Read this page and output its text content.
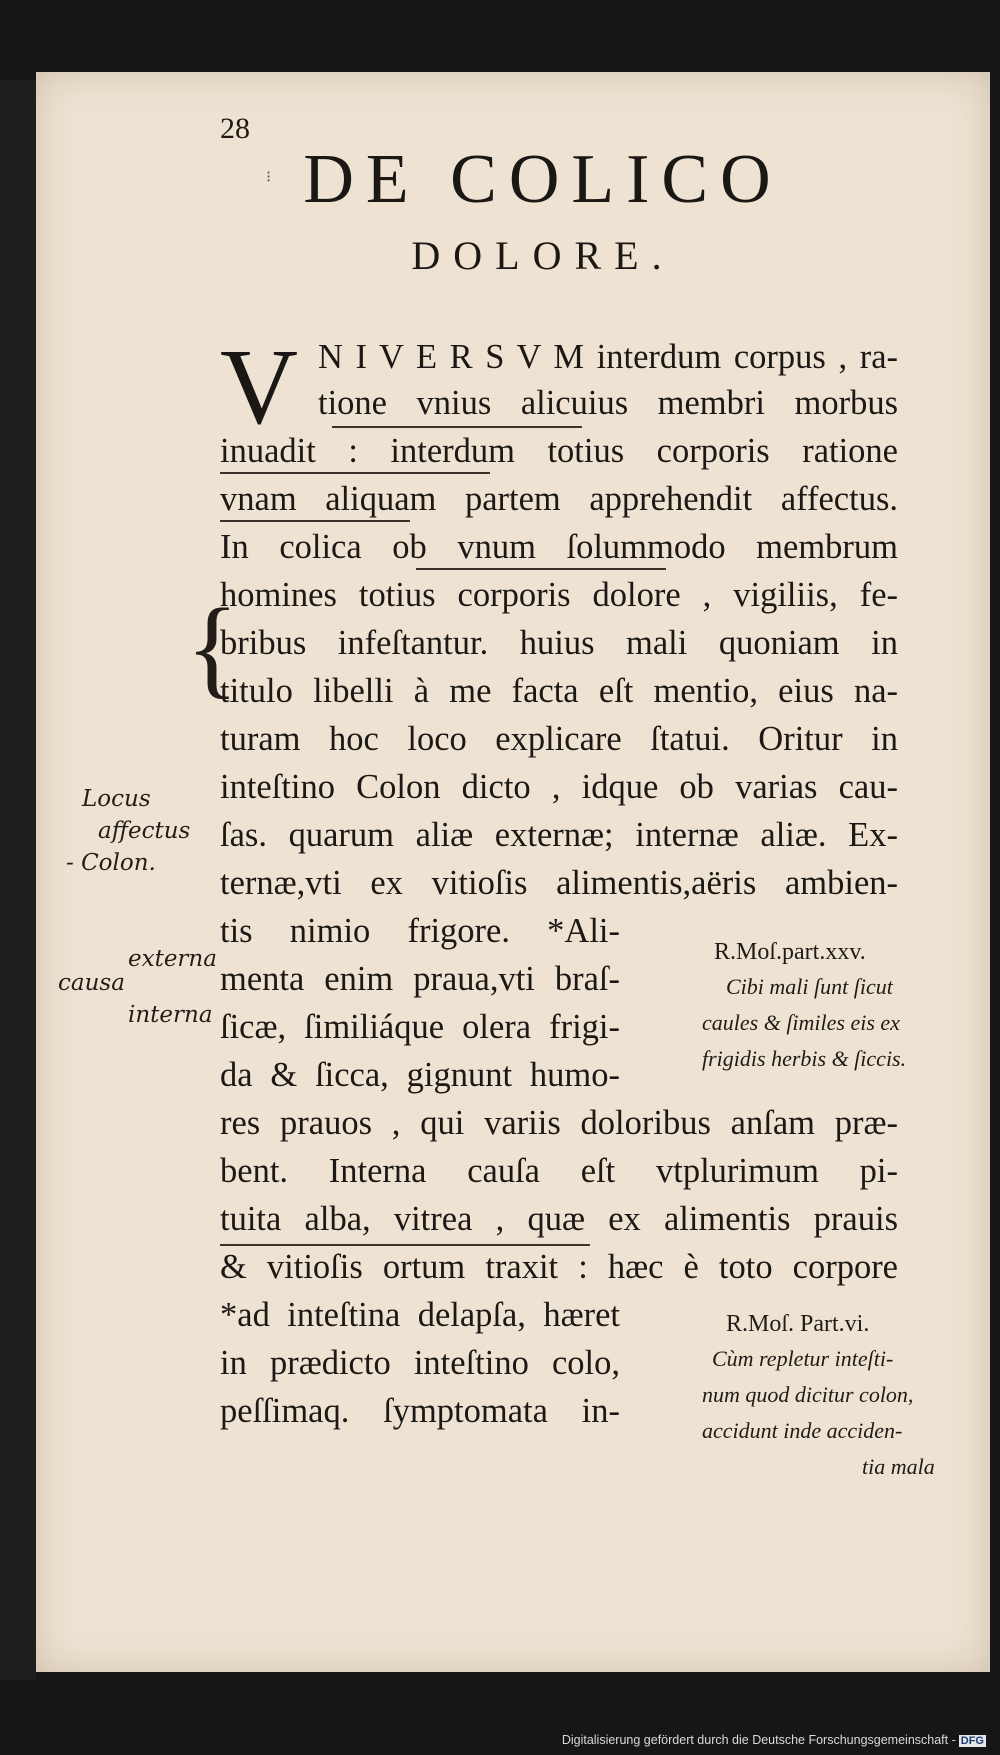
28
⁝ DE COLICO
DOLORE.
V N I V E R S V M interdum corpus , ra-
tione vnius alicuius membri morbus
inuadit : interdum totius corporis ratione
vnam aliquam partem apprehendit affectus.
In colica ob vnum ſolummodo membrum
homines totius corporis dolore , vigiliis, fe-
bribus infeſtantur. huius mali quoniam in
titulo libelli à me facta eſt mentio, eius na-
turam hoc loco explicare ſtatui. Oritur in
inteſtino Colon dicto , idque ob varias cau-
ſas. quarum aliæ externæ; internæ aliæ. Ex-
ternæ,vti ex vitioſis alimentis,aëris ambien-
tis nimio frigore. *Ali-
menta enim praua,vti braſ-
ſicæ, ſimiliáque olera frigi-
da & ſicca, gignunt humo-
res prauos , qui variis doloribus anſam præ-
bent. Interna cauſa eſt vtplurimum pi-
tuita alba, vitrea , quæ ex alimentis prauis
& vitioſis ortum traxit : hæc è toto corpore
*ad inteſtina delapſa, hæret
in prædicto inteſtino colo,
peſſimaq. ſymptomata in-
R.Moſ.part.xxv.
Cibi mali ſunt ſicut
caules & ſimiles eis ex
frigidis herbis & ſiccis.
R.Moſ. Part.vi.
Cùm repletur inteſti-
num quod dicitur colon,
accidunt inde acciden-
tia mala
{
Locus
affectus
- Colon.
causa
externa
interna
Digitalisierung gefördert durch die Deutsche Forschungsgemeinschaft - DFG
